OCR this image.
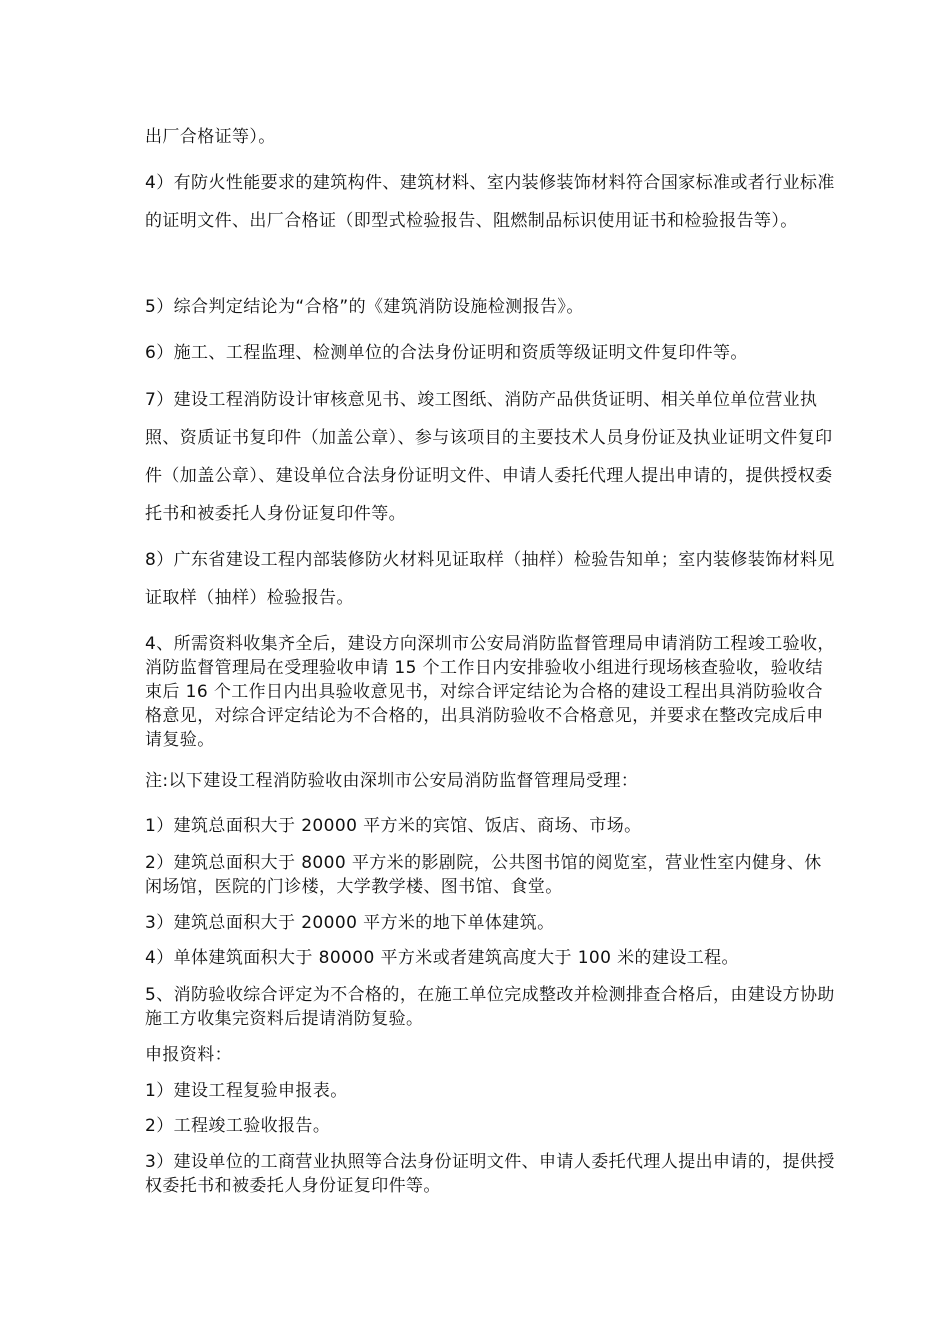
出厂合格证等）。

4）有防火性能要求的建筑构件、建筑材料、室内装修装饰材料符合国家标准或者行业标准的证明文件、出厂合格证（即型式检验报告、阻燃制品标识使用证书和检验报告等）。

5）综合判定结论为“合格”的《建筑消防设施检测报告》。

6）施工、工程监理、检测单位的合法身份证明和资质等级证明文件复印件等。

7）建设工程消防设计审核意见书、竣工图纸、消防产品供货证明、相关单位单位营业执照、资质证书复印件（加盖公章）、参与该项目的主要技术人员身份证及执业证明文件复印件（加盖公章）、建设单位合法身份证明文件、申请人委托代理人提出申请的，提供授权委托书和被委托人身份证复印件等。

8）广东省建设工程内部装修防火材料见证取样（抽样）检验告知单；室内装修装饰材料见证取样（抽样）检验报告。

4、所需资料收集齐全后，建设方向深圳市公安局消防监督管理局申请消防工程竣工验收，消防监督管理局在受理验收申请 15 个工作日内安排验收小组进行现场核查验收，验收结束后 16 个工作日内出具验收意见书，对综合评定结论为合格的建设工程出具消防验收合格意见，对综合评定结论为不合格的，出具消防验收不合格意见，并要求在整改完成后申请复验。

注:以下建设工程消防验收由深圳市公安局消防监督管理局受理：

1）建筑总面积大于 20000 平方米的宾馆、饭店、商场、市场。

2）建筑总面积大于 8000 平方米的影剧院，公共图书馆的阅览室，营业性室内健身、休闲场馆，医院的门诊楼，大学教学楼、图书馆、食堂。

3）建筑总面积大于 20000 平方米的地下单体建筑。

4）单体建筑面积大于 80000 平方米或者建筑高度大于 100 米的建设工程。

5、消防验收综合评定为不合格的，在施工单位完成整改并检测排查合格后，由建设方协助施工方收集完资料后提请消防复验。

申报资料：

1）建设工程复验申报表。

2）工程竣工验收报告。

3）建设单位的工商营业执照等合法身份证明文件、申请人委托代理人提出申请的，提供授权委托书和被委托人身份证复印件等。
